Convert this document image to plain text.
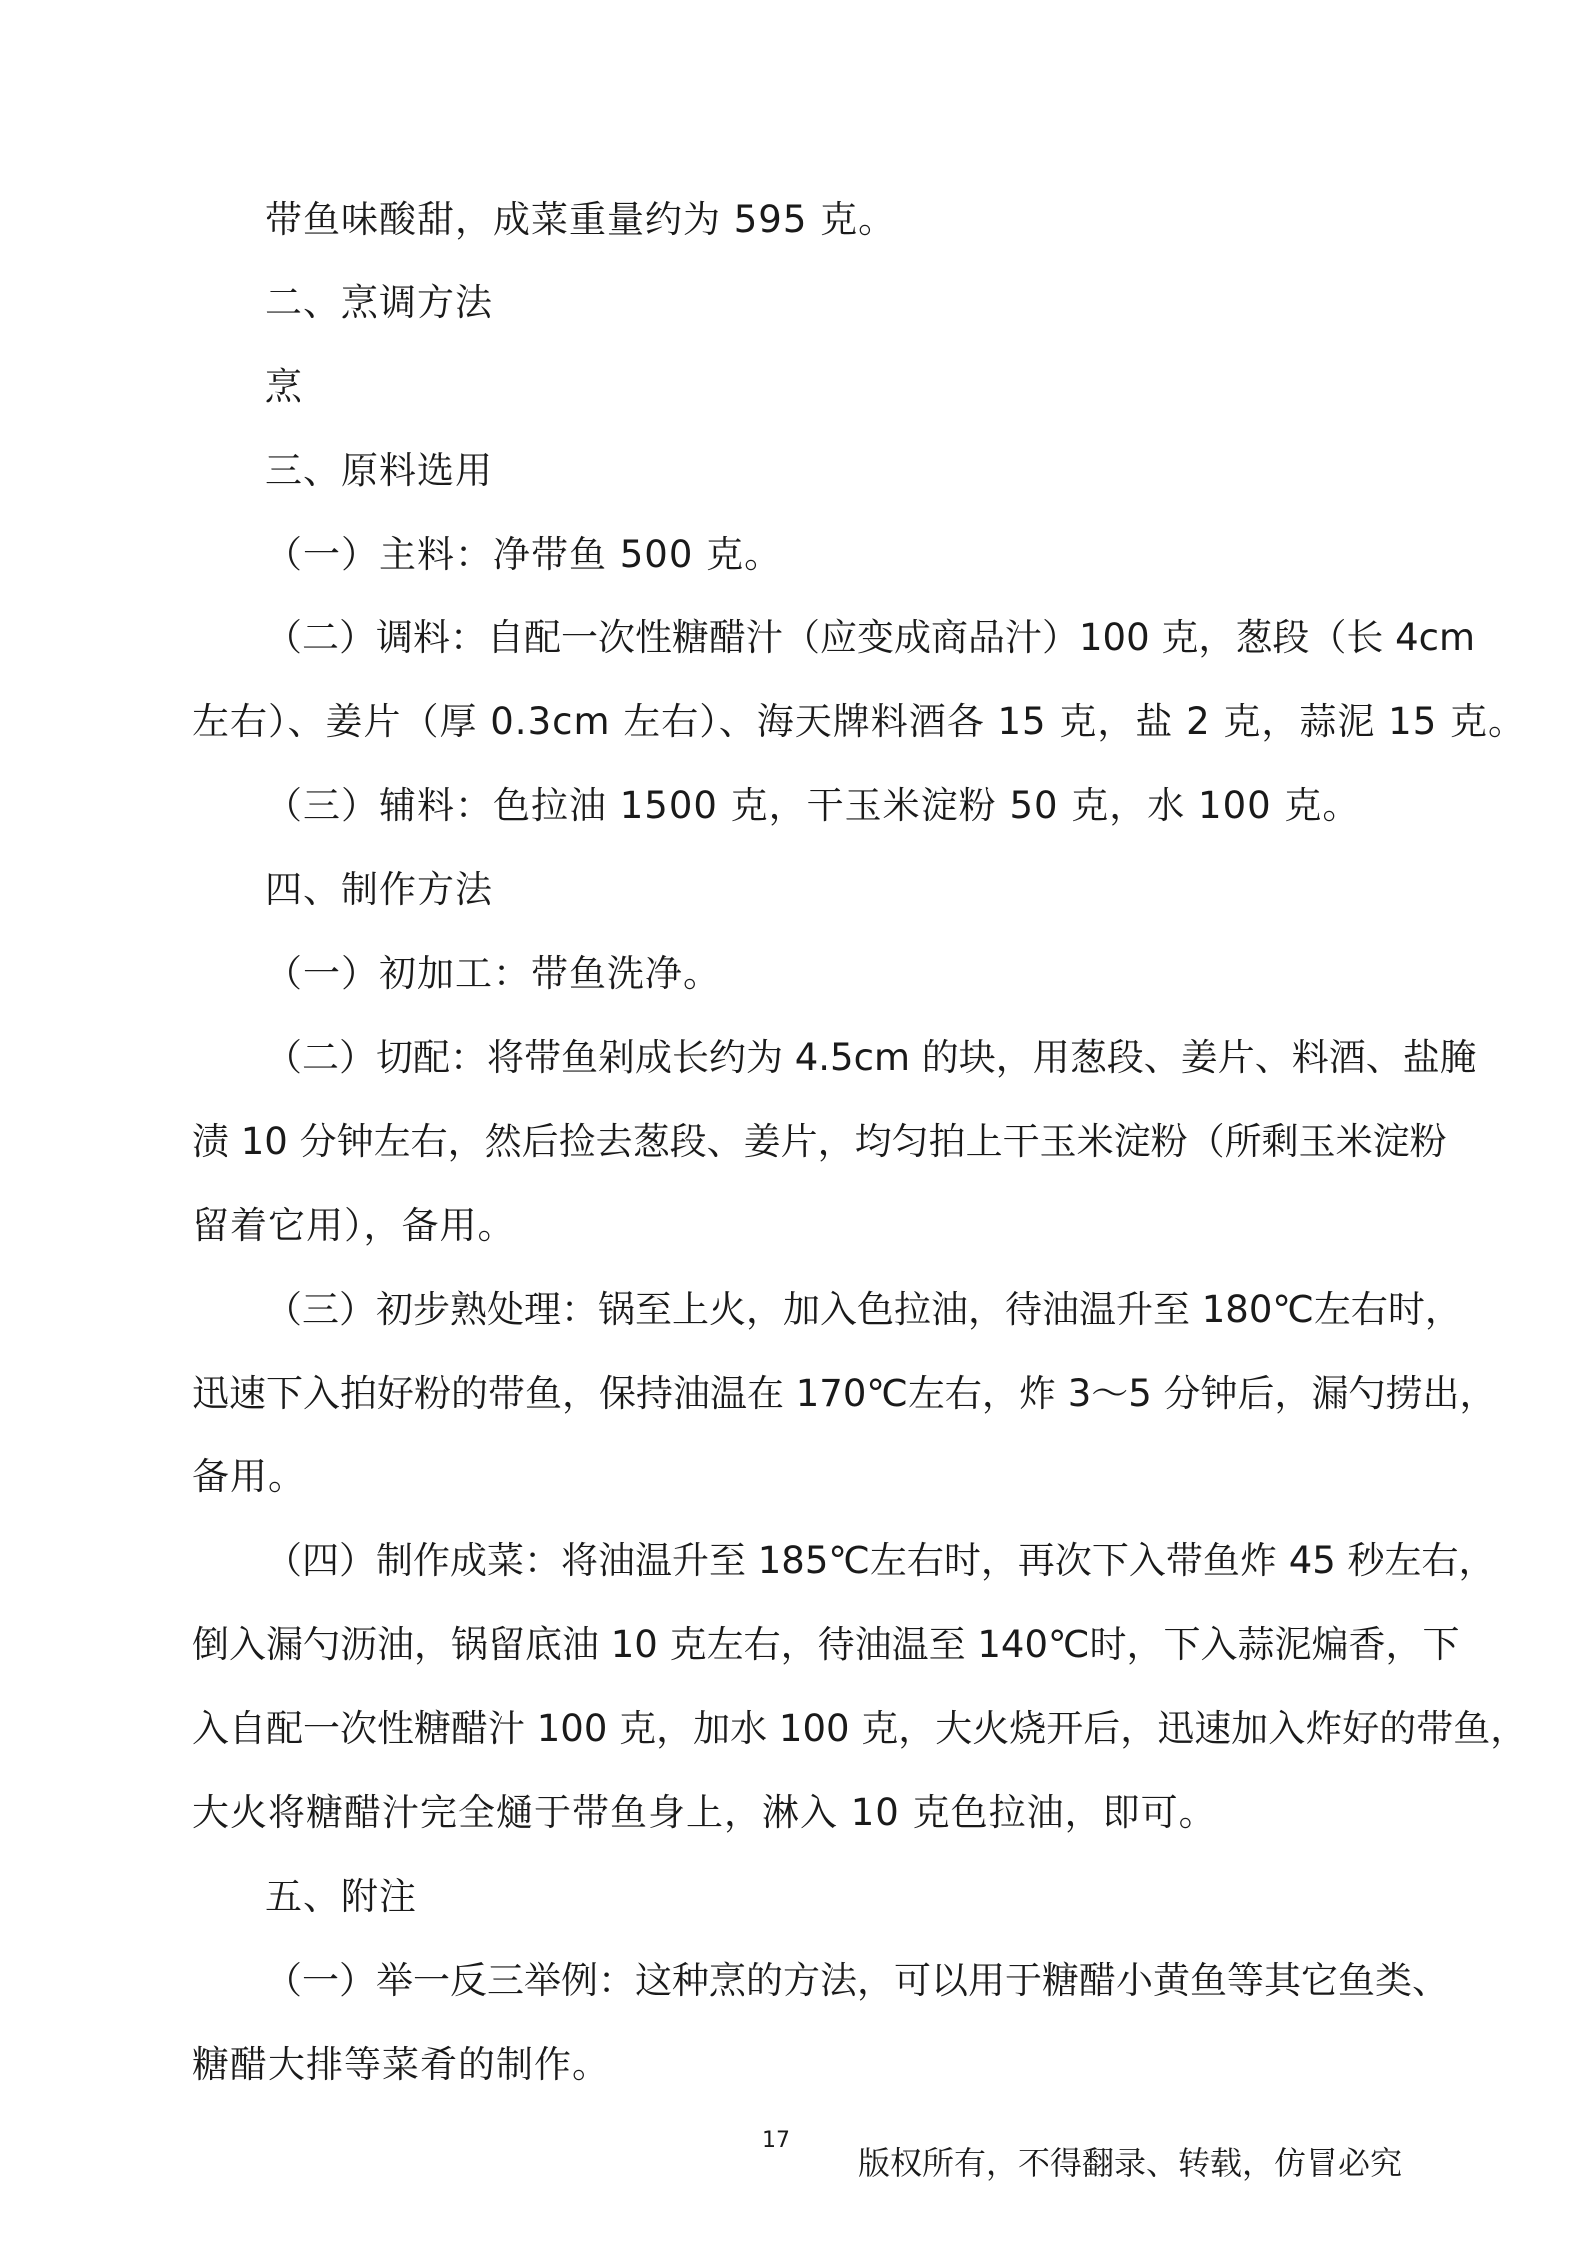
带鱼味酸甜，成菜重量约为 595 克。
二、烹调方法
烹
三、原料选用
（一）主料：净带鱼 500 克。
（二）调料：自配一次性糖醋汁（应变成商品汁）100 克，葱段（长 4cm
左右）、姜片（厚 0.3cm 左右）、海天牌料酒各 15 克，盐 2 克，蒜泥 15 克。
（三）辅料：色拉油 1500 克，干玉米淀粉 50 克，水 100 克。
四、制作方法
（一）初加工：带鱼洗净。
（二）切配：将带鱼剁成长约为 4.5cm 的块，用葱段、姜片、料酒、盐腌
渍 10 分钟左右，然后捡去葱段、姜片，均匀拍上干玉米淀粉（所剩玉米淀粉
留着它用），备用。
（三）初步熟处理：锅至上火，加入色拉油，待油温升至 180℃左右时，
迅速下入拍好粉的带鱼，保持油温在 170℃左右，炸 3～5 分钟后，漏勺捞出，
备用。
（四）制作成菜：将油温升至 185℃左右时，再次下入带鱼炸 45 秒左右，
倒入漏勺沥油，锅留底油 10 克左右，待油温至 140℃时，下入蒜泥煸香，下
入自配一次性糖醋汁 100 克，加水 100 克，大火烧开后，迅速加入炸好的带鱼，
大火将糖醋汁完全熥于带鱼身上，淋入 10 克色拉油，即可。
五、附注
（一）举一反三举例：这种烹的方法，可以用于糖醋小黄鱼等其它鱼类、
糖醋大排等菜肴的制作。
17
版权所有，不得翻录、转载，仿冒必究
